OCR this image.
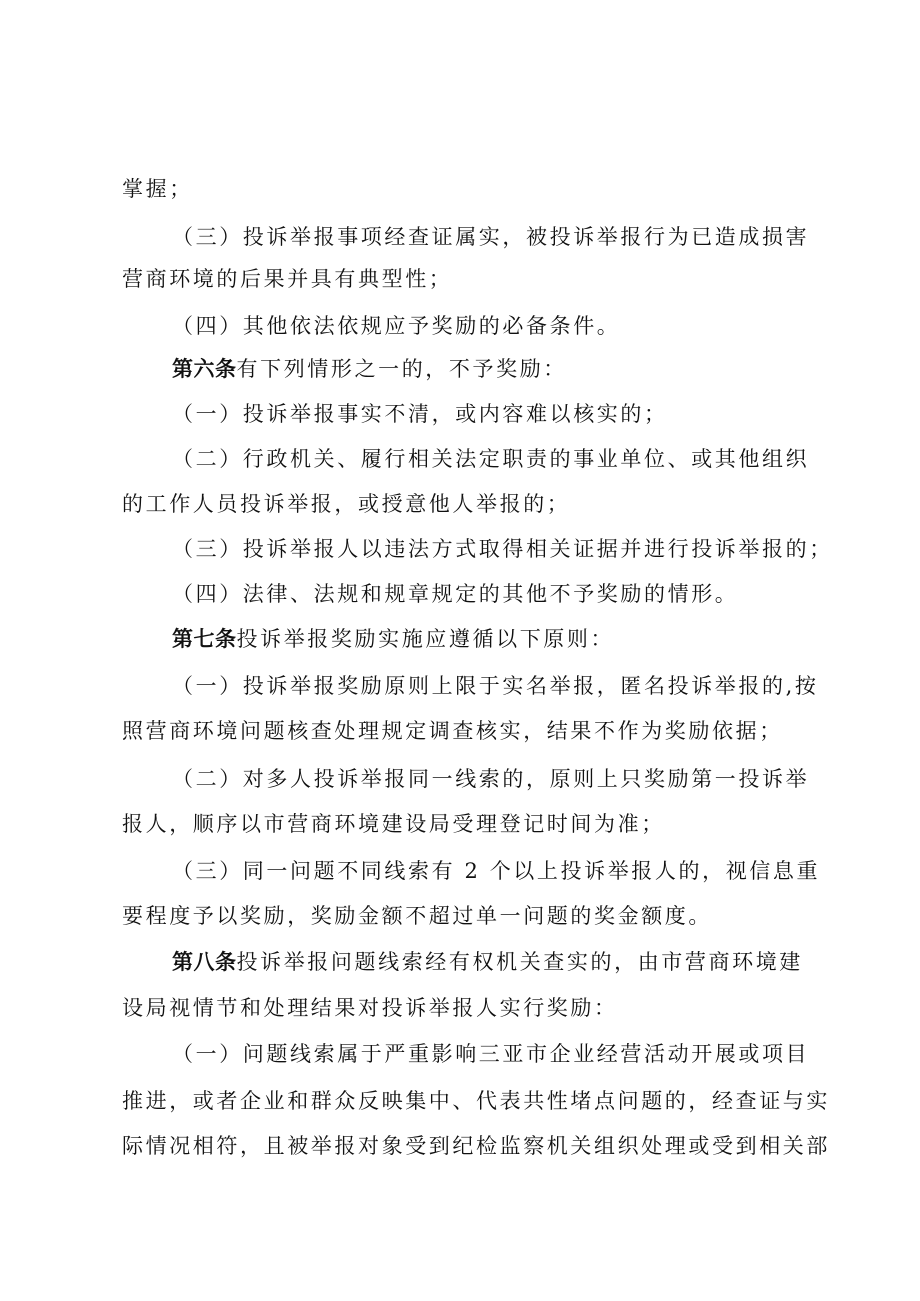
掌握；
（三）投诉举报事项经查证属实，被投诉举报行为已造成损害
营商环境的后果并具有典型性；
（四）其他依法依规应予奖励的必备条件。
第六条有下列情形之一的，不予奖励：
（一）投诉举报事实不清，或内容难以核实的；
（二）行政机关、履行相关法定职责的事业单位、或其他组织
的工作人员投诉举报，或授意他人举报的；
（三）投诉举报人以违法方式取得相关证据并进行投诉举报的；
（四）法律、法规和规章规定的其他不予奖励的情形。
第七条投诉举报奖励实施应遵循以下原则：
（一）投诉举报奖励原则上限于实名举报，匿名投诉举报的,按
照营商环境问题核查处理规定调查核实，结果不作为奖励依据；
（二）对多人投诉举报同一线索的，原则上只奖励第一投诉举
报人，顺序以市营商环境建设局受理登记时间为准；
（三）同一问题不同线索有 2 个以上投诉举报人的，视信息重
要程度予以奖励，奖励金额不超过单一问题的奖金额度。
第八条投诉举报问题线索经有权机关查实的，由市营商环境建
设局视情节和处理结果对投诉举报人实行奖励：
（一）问题线索属于严重影响三亚市企业经营活动开展或项目
推进，或者企业和群众反映集中、代表共性堵点问题的，经查证与实
际情况相符，且被举报对象受到纪检监察机关组织处理或受到相关部
